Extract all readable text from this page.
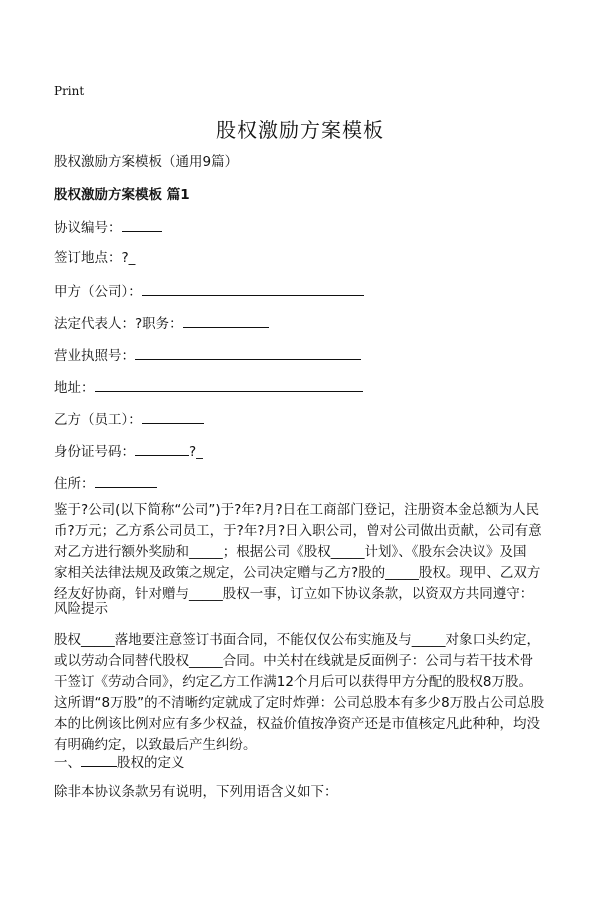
Print
股权激励方案模板
股权激励方案模板（通用9篇）
股权激励方案模板 篇1
协议编号：
签订地点：?_
甲方（公司）：
法定代表人：?职务：
营业执照号：
地址：
乙方（员工）：
身份证号码：	?_
住所：
鉴于?公司(以下简称“公司”)于?年?月?日在工商部门登记，注册资本金总额为人民
币?万元；乙方系公司员工，于?年?月?日入职公司，曾对公司做出贡献，公司有意
对乙方进行额外奖励和_____；根据公司《股权_____计划》、《股东会决议》及国
家相关法律法规及政策之规定，公司决定赠与乙方?股的_____股权。现甲、乙双方
经友好协商，针对赠与_____股权一事，订立如下协议条款，以资双方共同遵守：
风险提示
股权_____落地要注意签订书面合同，不能仅仅公布实施及与_____对象口头约定，
或以劳动合同替代股权_____合同。中关村在线就是反面例子：公司与若干技术骨
干签订《劳动合同》，约定乙方工作满12个月后可以获得甲方分配的股权8万股。
这所谓“8万股”的不清晰约定就成了定时炸弹：公司总股本有多少8万股占公司总股
本的比例该比例对应有多少权益，权益价值按净资产还是市值核定凡此种种，均没
有明确约定，以致最后产生纠纷。
一、	股权的定义
除非本协议条款另有说明，下列用语含义如下：
